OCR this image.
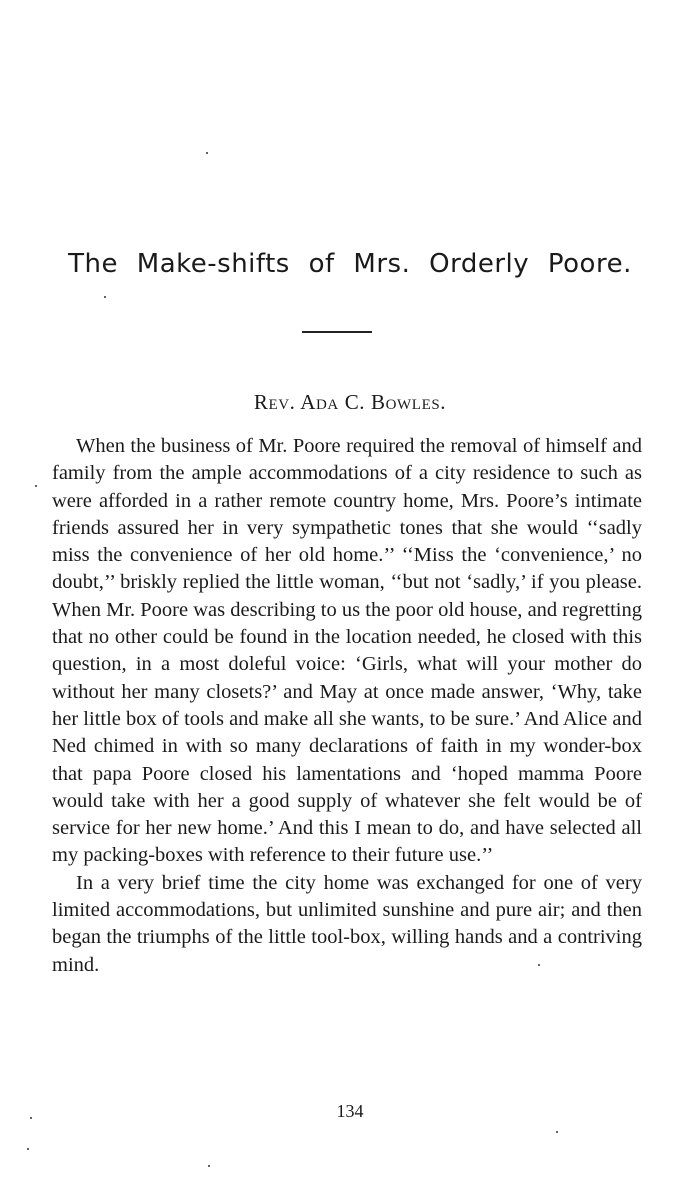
The Make-shifts of Mrs. Orderly Poore.
Rev. Ada C. Bowles.

When the business of Mr. Poore required the removal of himself and family from the ample accommodations of a city residence to such as were afforded in a rather remote country home, Mrs. Poore’s intimate friends assured her in very sympathetic tones that she would ‘‘sadly miss the convenience of her old home.’’ ‘‘Miss the ‘convenience,’ no doubt,’’ briskly replied the little woman, ‘‘but not ‘sadly,’ if you please. When Mr. Poore was describing to us the poor old house, and regretting that no other could be found in the location needed, he closed with this question, in a most doleful voice: ‘Girls, what will your mother do without her many closets?’ and May at once made answer, ‘Why, take her little box of tools and make all she wants, to be sure.’ And Alice and Ned chimed in with so many declarations of faith in my wonder-box that papa Poore closed his lamentations and ‘hoped mamma Poore would take with her a good supply of whatever she felt would be of service for her new home.’ And this I mean to do, and have selected all my packing-boxes with reference to their future use.’’

In a very brief time the city home was exchanged for one of very limited accommodations, but unlimited sunshine and pure air; and then began the triumphs of the little tool-box, willing hands and a contriving mind.

134
